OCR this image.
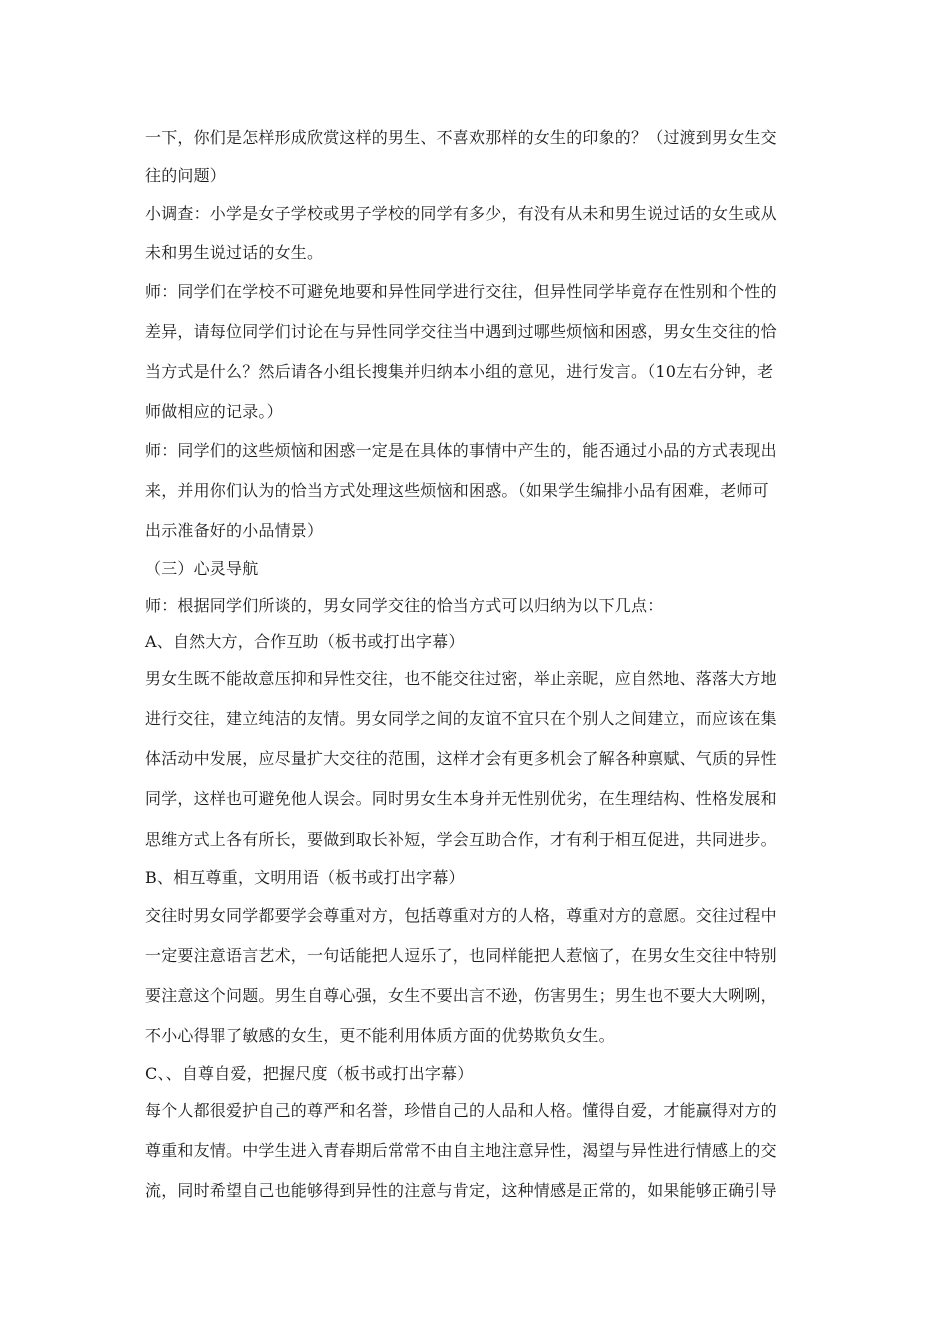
一下，你们是怎样形成欣赏这样的男生、不喜欢那样的女生的印象的？（过渡到男女生交
往的问题）
小调查：小学是女子学校或男子学校的同学有多少，有没有从未和男生说过话的女生或从
未和男生说过话的女生。
师：同学们在学校不可避免地要和异性同学进行交往，但异性同学毕竟存在性别和个性的
差异，请每位同学们讨论在与异性同学交往当中遇到过哪些烦恼和困惑，男女生交往的恰
当方式是什么？然后请各小组长搜集并归纳本小组的意见，进行发言。（10左右分钟，老
师做相应的记录。）
师：同学们的这些烦恼和困惑一定是在具体的事情中产生的，能否通过小品的方式表现出
来，并用你们认为的恰当方式处理这些烦恼和困惑。（如果学生编排小品有困难，老师可
出示准备好的小品情景）
（三）心灵导航
师：根据同学们所谈的，男女同学交往的恰当方式可以归纳为以下几点：
A、自然大方，合作互助（板书或打出字幕）
男女生既不能故意压抑和异性交往，也不能交往过密，举止亲昵，应自然地、落落大方地
进行交往，建立纯洁的友情。男女同学之间的友谊不宜只在个别人之间建立，而应该在集
体活动中发展，应尽量扩大交往的范围，这样才会有更多机会了解各种禀赋、气质的异性
同学，这样也可避免他人误会。同时男女生本身并无性别优劣，在生理结构、性格发展和
思维方式上各有所长，要做到取长补短，学会互助合作，才有利于相互促进，共同进步。
B、相互尊重，文明用语（板书或打出字幕）
交往时男女同学都要学会尊重对方，包括尊重对方的人格，尊重对方的意愿。交往过程中
一定要注意语言艺术，一句话能把人逗乐了，也同样能把人惹恼了，在男女生交往中特别
要注意这个问题。男生自尊心强，女生不要出言不逊，伤害男生；男生也不要大大咧咧，
不小心得罪了敏感的女生，更不能利用体质方面的优势欺负女生。
C、、自尊自爱，把握尺度（板书或打出字幕）
每个人都很爱护自己的尊严和名誉，珍惜自己的人品和人格。懂得自爱，才能赢得对方的
尊重和友情。中学生进入青春期后常常不由自主地注意异性，渴望与异性进行情感上的交
流，同时希望自己也能够得到异性的注意与肯定，这种情感是正常的，如果能够正确引导
